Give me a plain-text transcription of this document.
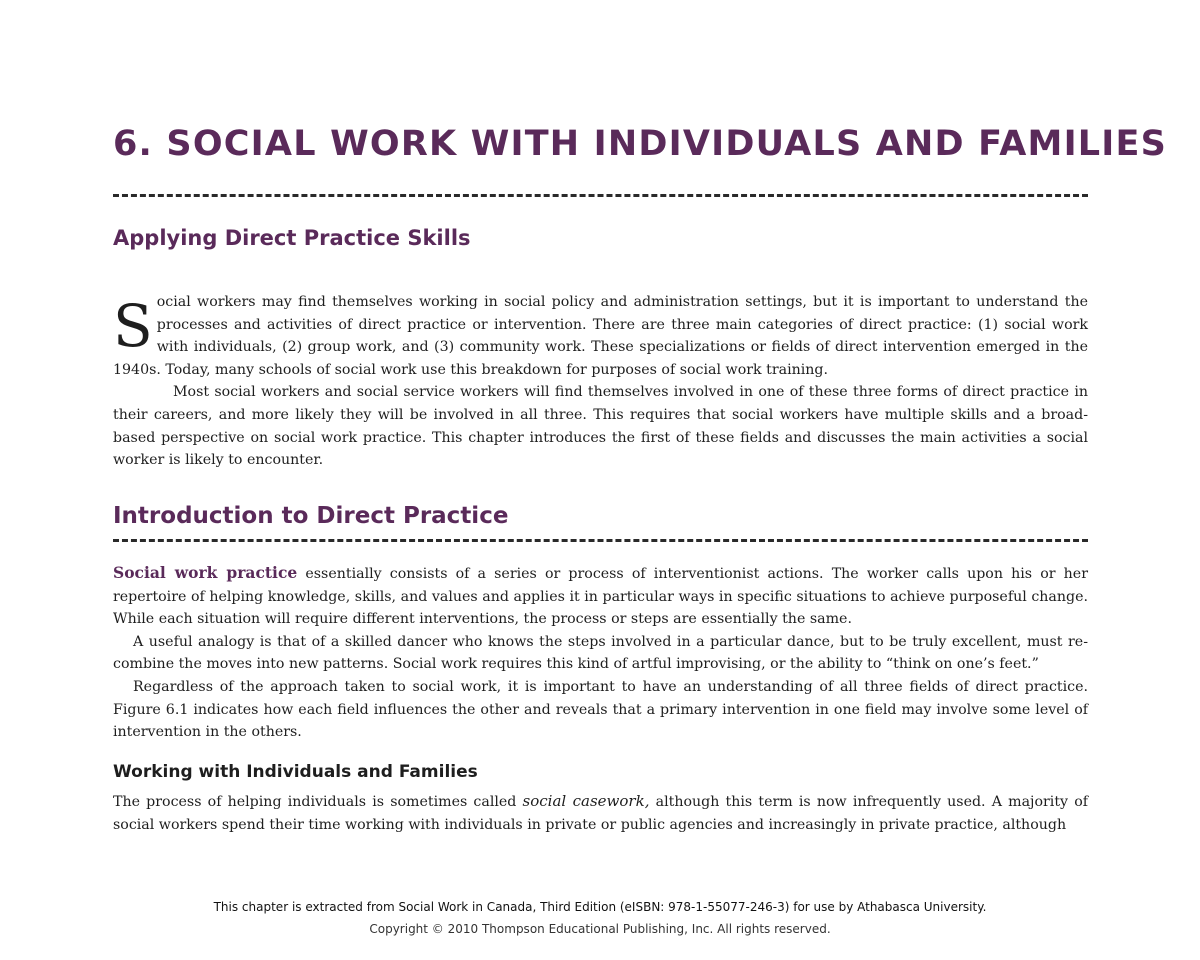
6. SOCIAL WORK WITH INDIVIDUALS AND FAMILIES
Applying Direct Practice Skills

Social workers may find themselves working in social policy and administration settings, but it is important to understand the processes and activities of direct practice or intervention. There are three main categories of direct practice: (1) social work with individuals, (2) group work, and (3) community work. These specializations or fields of direct intervention emerged in the 1940s. Today, many schools of social work use this breakdown for purposes of social work training.

Most social workers and social service workers will find themselves involved in one of these three forms of direct practice in their careers, and more likely they will be involved in all three. This requires that social workers have multiple skills and a broad-based perspective on social work practice. This chapter introduces the first of these fields and discusses the main activities a social worker is likely to encounter.

Introduction to Direct Practice

Social work practice essentially consists of a series or process of interventionist actions. The worker calls upon his or her repertoire of helping knowledge, skills, and values and applies it in particular ways in specific situations to achieve purposeful change. While each situation will require different interventions, the process or steps are essentially the same.

A useful analogy is that of a skilled dancer who knows the steps involved in a particular dance, but to be truly excellent, must re-combine the moves into new patterns. Social work requires this kind of artful improvising, or the ability to “think on one’s feet.”

Regardless of the approach taken to social work, it is important to have an understanding of all three fields of direct practice. Figure 6.1 indicates how each field influences the other and reveals that a primary intervention in one field may involve some level of intervention in the others.

Working with Individuals and Families

The process of helping individuals is sometimes called social casework, although this term is now infrequently used. A majority of social workers spend their time working with individuals in private or public agencies and increasingly in private practice, although

This chapter is extracted from Social Work in Canada, Third Edition (eISBN: 978-1-55077-246-3) for use by Athabasca University.

Copyright © 2010 Thompson Educational Publishing, Inc. All rights reserved.
